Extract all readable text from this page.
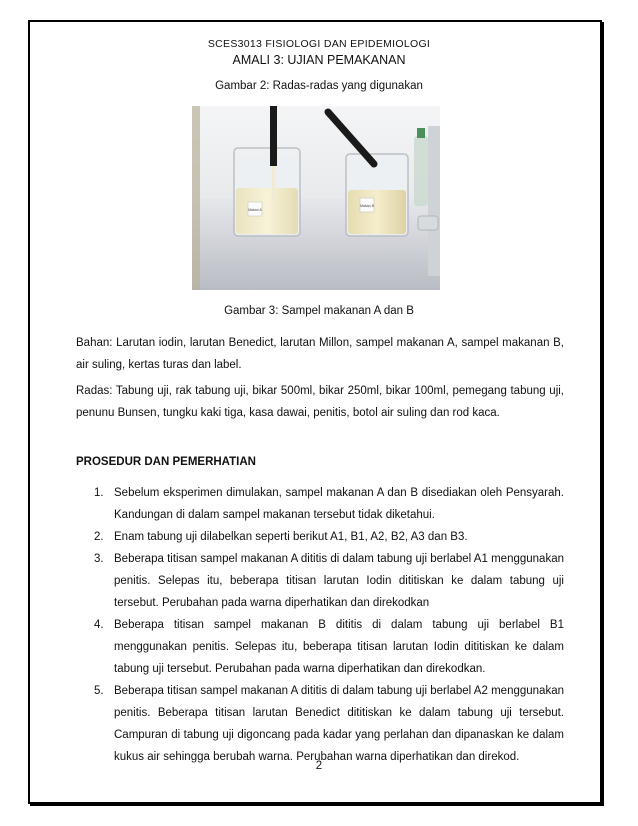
SCES3013 FISIOLOGI DAN EPIDEMIOLOGI
AMALI 3: UJIAN PEMAKANAN
Gambar 2: Radas-radas yang digunakan
Makan A
Makan B
Gambar 3: Sampel makanan A dan B
Bahan: Larutan iodin, larutan Benedict, larutan Millon, sampel makanan A, sampel makanan B, air suling, kertas turas dan label.
Radas: Tabung uji, rak tabung uji, bikar 500ml, bikar 250ml, bikar 100ml, pemegang tabung uji, penunu Bunsen, tungku kaki tiga, kasa dawai, penitis, botol air suling dan rod kaca.
PROSEDUR DAN PEMERHATIAN
1. Sebelum eksperimen dimulakan, sampel makanan A dan B disediakan oleh Pensyarah. Kandungan di dalam sampel makanan tersebut tidak diketahui.
2. Enam tabung uji dilabelkan seperti berikut A1, B1, A2, B2, A3 dan B3.
3. Beberapa titisan sampel makanan A dititis di dalam tabung uji berlabel A1 menggunakan penitis. Selepas itu, beberapa titisan larutan Iodin dititiskan ke dalam tabung uji tersebut. Perubahan pada warna diperhatikan dan direkodkan
4. Beberapa titisan sampel makanan B dititis di dalam tabung uji berlabel B1 menggunakan penitis. Selepas itu, beberapa titisan larutan Iodin dititiskan ke dalam tabung uji tersebut. Perubahan pada warna diperhatikan dan direkodkan.
5. Beberapa titisan sampel makanan A dititis di dalam tabung uji berlabel A2 menggunakan penitis. Beberapa titisan larutan Benedict dititiskan ke dalam tabung uji tersebut. Campuran di tabung uji digoncang pada kadar yang perlahan dan dipanaskan ke dalam kukus air sehingga berubah warna. Perubahan warna diperhatikan dan direkod.
2
